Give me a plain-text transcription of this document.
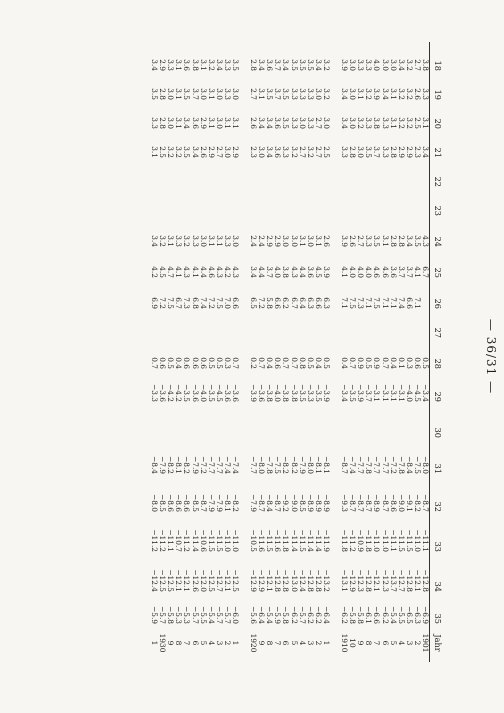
— 36/31 —
18	19	20	21	22	23	24	25	26	27	28	29	30	31	32	33	34	35	Jahr
3.8	3.3	3.1	3.4			4.3	6.7			0.5	−3.4		−8.0	−8.7	−11.1	−12.8	−6.9	1901
2.7	2.6	2.5	2.3			3.5	4.1	7.1		0.6	−4.5		−7.5	−8.2	−11.0	−12.1	−6.3	2
3.2	3.2	3.2	2.9			3.4	3.7	6.6		0.3	−4.0		−8.4	−9.1	−11.5	−12.8	−6.5	3
3.4	3.2	3.2	2.9			2.8	3.7	7.4		0.1	−3.1		−7.8	−9.0	−11.5	−12.7	−5.5	4
3.0	3.1	3.1	2.8			2.8	3.6	7.1		0.4	−3.1		−7.2	−8.6	−11.1	−13.7	−5.4	5
3.0	3.4	3.3	3.3			3.1	4.6	7.1		0.7	−3.1		−7.7	−8.7	−11.0	−12.3	−6.2	6
4.0	3.9	3.8	3.7			3.5	4.6	7.5		0.9	−3.1		−7.7	−8.9	−11.0	−12.1	−6.6	7
3.3	3.2	3.3	3.5			3.3	4.0	7.1		0.5	−3.7		−7.8	−8.7	−11.8	−12.8	−6.1	8
3.3	3.1	3.2	3.0			2.7	4.0	7.3		0.9	−3.9		−7.7	−8.7	−10.9	−12.3	−5.8	9
3.0	3.0	3.0	2.8			2.6	4.0	7.5		0.7	−3.5		−7.4	−8.7	−11.2	−12.9	−5.8	10
3.9	3.4	3.4	3.3			3.9	4.1	7.1		0.4	−3.4		−8.7	−9.3	−11.8	−13.1	−6.2	1910

3.2	3.2	3.0	2.5			2.6	3.9	6.3		0.5	−3.9		−8.1	−8.9	−11.9	−13.2	−6.4	1
3.4	3.0	2.7	2.7			3.1	4.5	6.6		0.4	−3.5		−8.1	−8.9	−11.4	−12.8	−6.2	2
3.5	3.3	3.3	3.2			3.0	3.6	6.3		0.5	−3.3		−8.0	−8.9	−11.4	−12.8	−6.2	3
3.5	3.3	3.0	2.7			3.1	4.4	6.4		0.8	−3.5		−7.9	−8.5	−11.5	−12.4	−5.7	4
3.5	3.3	3.3	3.2			3.0	4.3	6.7		0.7	−3.8		−8.2	−9.0	−11.4	−13.0	−6.2	5
3.4	3.5	3.5	3.3			3.0	3.8	6.2		0.7	−3.8		−8.2	−9.2	−11.8	−12.8	−5.8	6
3.7	3.7	3.6	3.6			2.9	4.0	6.6		0.6	−4.0		−7.5	−8.7	−11.6	−12.8	−5.9	7
3.6	3.5	3.4	3.4			2.9	3.7	5.8		0.4	−3.8		−7.8	−8.4	−11.5	−12.1	−5.4	8
3.4	3.1	3.4	3.0			2.4	4.4	7.2		0.7	−3.6		−8.0	−8.7	−11.6	−12.9	−6.4	9
2.8	2.7	2.6	2.3			2.4	3.4	6.5		0.2	−3.9		−7.7	−7.9	−10.5	−12.9	−5.6	1920

3.5	3.0	3.1	2.9			3.0	4.3	6.6		0.7	−3.6		−7.4	−8.2	−11.0	−12.5	−6.0	1
3.3	3.3	3.1	3.0			3.3	4.2	7.0		0.3	−3.6		−7.4	−8.1	−11.0	−12.1	−5.7	2
3.4	3.0	3.0	2.7			3.1	4.3	7.5		0.5	−4.5		−7.7	−7.9	−11.5	−12.7	−5.7	3
3.2	3.1	3.1	2.9			3.1	4.6	7.2		0.5	−3.5		−7.7	−7.9	−11.5	−12.5	−5.4	4
3.1	3.0	2.9	2.6			3.0	4.4	7.4		0.6	−4.0		−7.2	−8.7	−10.6	−12.0	−5.5	5
3.8	3.7	3.6	3.4			3.3	4.1	6.8		0.6	−3.6		−7.9	−8.5	−11.4	−12.6	−5.7	6
3.6	3.5	3.4	3.5			3.2	4.3	7.3		0.6	−3.5		−8.2	−8.6	−11.2	−12.1	−5.3	7
3.1	3.1	3.1	3.2			3.3	4.1	6.7		0.4	−4.2		−8.1	−8.6	−10.7	−12.1	−5.3	8
3.3	3.0	3.0	3.2			3.1	4.7	7.5		0.5	−4.2		−8.2	−8.6	−11.1	−12.5	−5.8	9
2.9	2.8	2.8	2.5			3.2	4.5	7.2		0.6	−3.6		−7.9	−8.5	−11.2	−12.5	−5.7	1930
3.4	3.5	3.3	3.1			3.4	4.2	6.9		0.7	−3.3		−8.4	−8.0	−11.2	−12.4	−5.9	1
